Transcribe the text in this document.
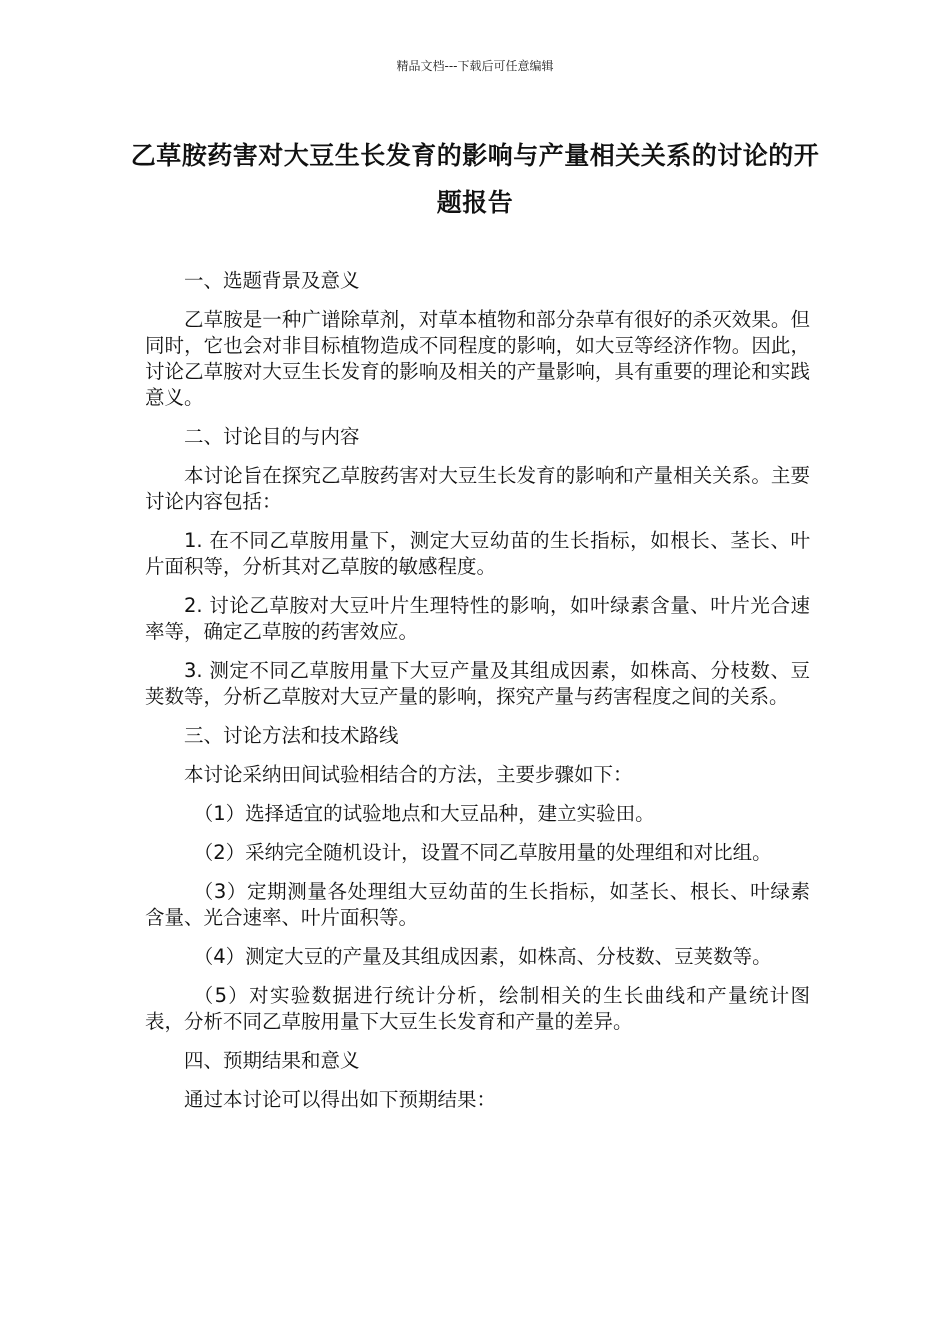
精品文档---下载后可任意编辑
乙草胺药害对大豆生长发育的影响与产量相关关系的讨论的开题报告

一、选题背景及意义

乙草胺是一种广谱除草剂，对草本植物和部分杂草有很好的杀灭效果。但同时，它也会对非目标植物造成不同程度的影响，如大豆等经济作物。因此，讨论乙草胺对大豆生长发育的影响及相关的产量影响，具有重要的理论和实践意义。

二、讨论目的与内容

本讨论旨在探究乙草胺药害对大豆生长发育的影响和产量相关关系。主要讨论内容包括：

1. 在不同乙草胺用量下，测定大豆幼苗的生长指标，如根长、茎长、叶片面积等，分析其对乙草胺的敏感程度。

2. 讨论乙草胺对大豆叶片生理特性的影响，如叶绿素含量、叶片光合速率等，确定乙草胺的药害效应。

3. 测定不同乙草胺用量下大豆产量及其组成因素，如株高、分枝数、豆荚数等，分析乙草胺对大豆产量的影响，探究产量与药害程度之间的关系。

三、讨论方法和技术路线

本讨论采纳田间试验相结合的方法，主要步骤如下：

（1）选择适宜的试验地点和大豆品种，建立实验田。

（2）采纳完全随机设计，设置不同乙草胺用量的处理组和对比组。

（3）定期测量各处理组大豆幼苗的生长指标，如茎长、根长、叶绿素含量、光合速率、叶片面积等。

（4）测定大豆的产量及其组成因素，如株高、分枝数、豆荚数等。

（5）对实验数据进行统计分析，绘制相关的生长曲线和产量统计图表，分析不同乙草胺用量下大豆生长发育和产量的差异。

四、预期结果和意义

通过本讨论可以得出如下预期结果：
